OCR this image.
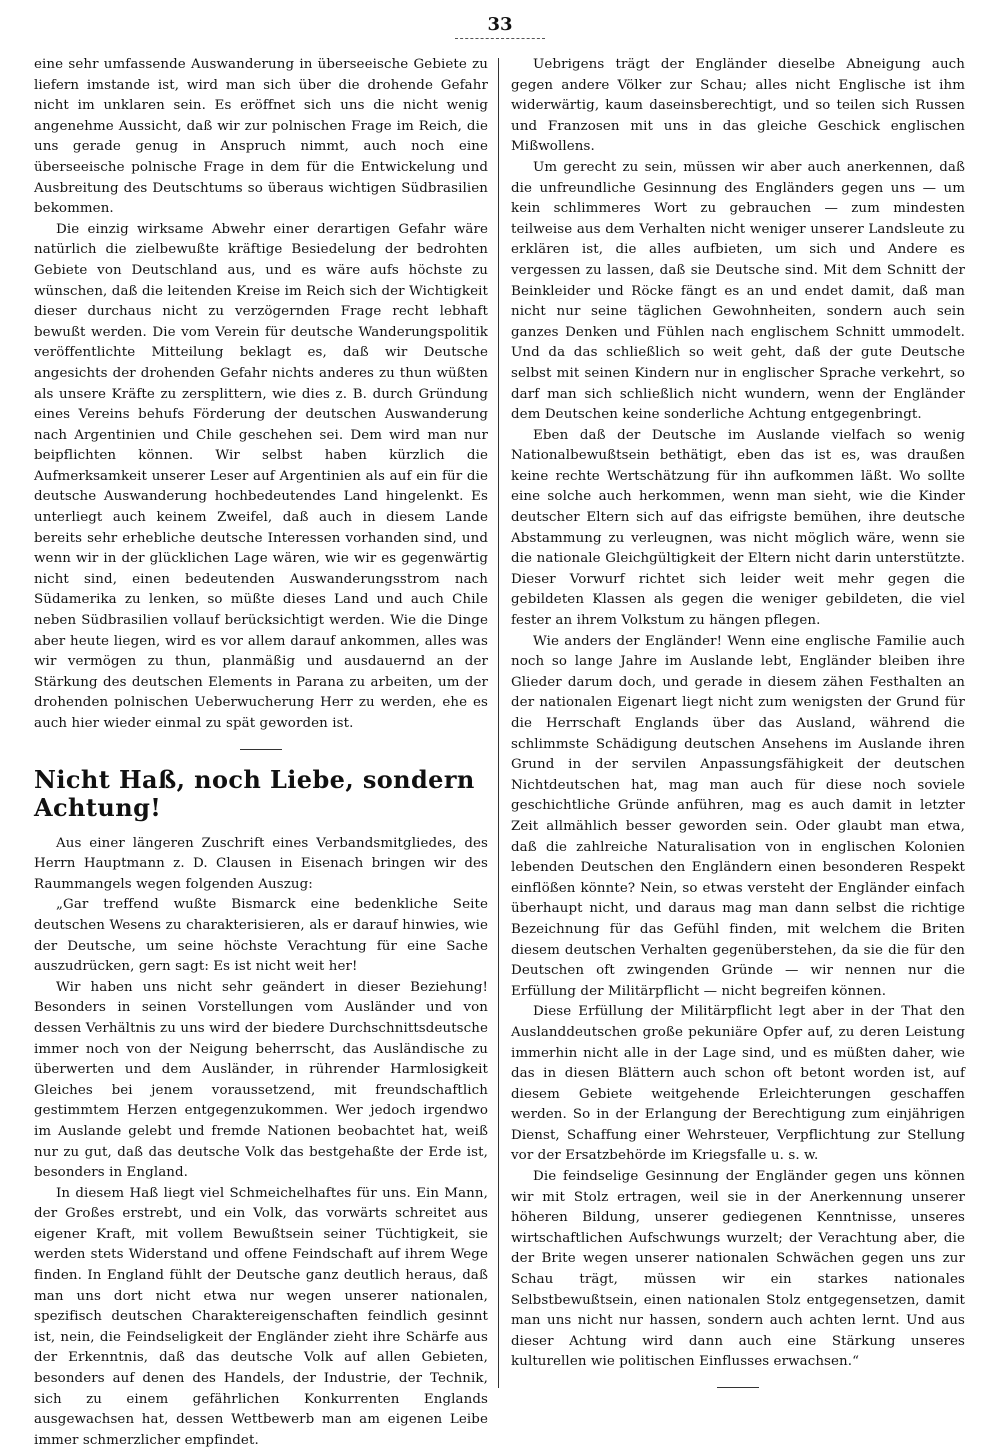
33

eine sehr umfassende Auswanderung in überseeische Gebiete zu liefern imstande ist, wird man sich über die drohende Gefahr nicht im unklaren sein. Es eröffnet sich uns die nicht wenig angenehme Aussicht, daß wir zur polnischen Frage im Reich, die uns gerade genug in Anspruch nimmt, auch noch eine überseeische polnische Frage in dem für die Entwickelung und Ausbreitung des Deutschtums so überaus wichtigen Südbrasilien bekommen.

Die einzig wirksame Abwehr einer derartigen Gefahr wäre natürlich die zielbewußte kräftige Besiedelung der bedrohten Gebiete von Deutschland aus, und es wäre aufs höchste zu wünschen, daß die leitenden Kreise im Reich sich der Wichtigkeit dieser durchaus nicht zu verzögernden Frage recht lebhaft bewußt werden. Die vom Verein für deutsche Wanderungspolitik veröffentlichte Mitteilung beklagt es, daß wir Deutsche angesichts der drohenden Gefahr nichts anderes zu thun wüßten als unsere Kräfte zu zersplittern, wie dies z. B. durch Gründung eines Vereins behufs Förderung der deutschen Auswanderung nach Argentinien und Chile geschehen sei. Dem wird man nur beipflichten können. Wir selbst haben kürzlich die Aufmerksamkeit unserer Leser auf Argentinien als auf ein für die deutsche Auswanderung hochbedeutendes Land hingelenkt. Es unterliegt auch keinem Zweifel, daß auch in diesem Lande bereits sehr erhebliche deutsche Interessen vorhanden sind, und wenn wir in der glücklichen Lage wären, wie wir es gegenwärtig nicht sind, einen bedeutenden Auswanderungsstrom nach Südamerika zu lenken, so müßte dieses Land und auch Chile neben Südbrasilien vollauf berücksichtigt werden. Wie die Dinge aber heute liegen, wird es vor allem darauf ankommen, alles was wir vermögen zu thun, planmäßig und ausdauernd an der Stärkung des deutschen Elements in Parana zu arbeiten, um der drohenden polnischen Ueberwucherung Herr zu werden, ehe es auch hier wieder einmal zu spät geworden ist.

Nicht Haß, noch Liebe, sondern Achtung!

Aus einer längeren Zuschrift eines Verbandsmitgliedes, des Herrn Hauptmann z. D. Clausen in Eisenach bringen wir des Raummangels wegen folgenden Auszug:

„Gar treffend wußte Bismarck eine bedenkliche Seite deutschen Wesens zu charakterisieren, als er darauf hinwies, wie der Deutsche, um seine höchste Verachtung für eine Sache auszudrücken, gern sagt: Es ist nicht weit her!

Wir haben uns nicht sehr geändert in dieser Beziehung! Besonders in seinen Vorstellungen vom Ausländer und von dessen Verhältnis zu uns wird der biedere Durchschnittsdeutsche immer noch von der Neigung beherrscht, das Ausländische zu überwerten und dem Ausländer, in rührender Harmlosigkeit Gleiches bei jenem voraussetzend, mit freundschaftlich gestimmtem Herzen entgegenzukommen. Wer jedoch irgendwo im Auslande gelebt und fremde Nationen beobachtet hat, weiß nur zu gut, daß das deutsche Volk das bestgehaßte der Erde ist, besonders in England.

In diesem Haß liegt viel Schmeichelhaftes für uns. Ein Mann, der Großes erstrebt, und ein Volk, das vorwärts schreitet aus eigener Kraft, mit vollem Bewußtsein seiner Tüchtigkeit, sie werden stets Widerstand und offene Feindschaft auf ihrem Wege finden. In England fühlt der Deutsche ganz deutlich heraus, daß man uns dort nicht etwa nur wegen unserer nationalen, spezifisch deutschen Charaktereigenschaften feindlich gesinnt ist, nein, die Feindseligkeit der Engländer zieht ihre Schärfe aus der Erkenntnis, daß das deutsche Volk auf allen Gebieten, besonders auf denen des Handels, der Industrie, der Technik, sich zu einem gefährlichen Konkurrenten Englands ausgewachsen hat, dessen Wettbewerb man am eigenen Leibe immer schmerzlicher empfindet.

Uebrigens trägt der Engländer dieselbe Abneigung auch gegen andere Völker zur Schau; alles nicht Englische ist ihm widerwärtig, kaum daseinsberechtigt, und so teilen sich Russen und Franzosen mit uns in das gleiche Geschick englischen Mißwollens.

Um gerecht zu sein, müssen wir aber auch anerkennen, daß die unfreundliche Gesinnung des Engländers gegen uns — um kein schlimmeres Wort zu gebrauchen — zum mindesten teilweise aus dem Verhalten nicht weniger unserer Landsleute zu erklären ist, die alles aufbieten, um sich und Andere es vergessen zu lassen, daß sie Deutsche sind. Mit dem Schnitt der Beinkleider und Röcke fängt es an und endet damit, daß man nicht nur seine täglichen Gewohnheiten, sondern auch sein ganzes Denken und Fühlen nach englischem Schnitt ummodelt. Und da das schließlich so weit geht, daß der gute Deutsche selbst mit seinen Kindern nur in englischer Sprache verkehrt, so darf man sich schließlich nicht wundern, wenn der Engländer dem Deutschen keine sonderliche Achtung entgegenbringt.

Eben daß der Deutsche im Auslande vielfach so wenig Nationalbewußtsein bethätigt, eben das ist es, was draußen keine rechte Wertschätzung für ihn aufkommen läßt. Wo sollte eine solche auch herkommen, wenn man sieht, wie die Kinder deutscher Eltern sich auf das eifrigste bemühen, ihre deutsche Abstammung zu verleugnen, was nicht möglich wäre, wenn sie die nationale Gleichgültigkeit der Eltern nicht darin unterstützte. Dieser Vorwurf richtet sich leider weit mehr gegen die gebildeten Klassen als gegen die weniger gebildeten, die viel fester an ihrem Volkstum zu hängen pflegen.

Wie anders der Engländer! Wenn eine englische Familie auch noch so lange Jahre im Auslande lebt, Engländer bleiben ihre Glieder darum doch, und gerade in diesem zähen Festhalten an der nationalen Eigenart liegt nicht zum wenigsten der Grund für die Herrschaft Englands über das Ausland, während die schlimmste Schädigung deutschen Ansehens im Auslande ihren Grund in der servilen Anpassungsfähigkeit der deutschen Nichtdeutschen hat, mag man auch für diese noch soviele geschichtliche Gründe anführen, mag es auch damit in letzter Zeit allmählich besser geworden sein. Oder glaubt man etwa, daß die zahlreiche Naturalisation von in englischen Kolonien lebenden Deutschen den Engländern einen besonderen Respekt einflößen könnte? Nein, so etwas versteht der Engländer einfach überhaupt nicht, und daraus mag man dann selbst die richtige Bezeichnung für das Gefühl finden, mit welchem die Briten diesem deutschen Verhalten gegenüberstehen, da sie die für den Deutschen oft zwingenden Gründe — wir nennen nur die Erfüllung der Militärpflicht — nicht begreifen können.

Diese Erfüllung der Militärpflicht legt aber in der That den Auslanddeutschen große pekuniäre Opfer auf, zu deren Leistung immerhin nicht alle in der Lage sind, und es müßten daher, wie das in diesen Blättern auch schon oft betont worden ist, auf diesem Gebiete weitgehende Erleichterungen geschaffen werden. So in der Erlangung der Berechtigung zum einjährigen Dienst, Schaffung einer Wehrsteuer, Verpflichtung zur Stellung vor der Ersatzbehörde im Kriegsfalle u. s. w.

Die feindselige Gesinnung der Engländer gegen uns können wir mit Stolz ertragen, weil sie in der Anerkennung unserer höheren Bildung, unserer gediegenen Kenntnisse, unseres wirtschaftlichen Aufschwungs wurzelt; der Verachtung aber, die der Brite wegen unserer nationalen Schwächen gegen uns zur Schau trägt, müssen wir ein starkes nationales Selbstbewußtsein, einen nationalen Stolz entgegensetzen, damit man uns nicht nur hassen, sondern auch achten lernt. Und aus dieser Achtung wird dann auch eine Stärkung unseres kulturellen wie politischen Einflusses erwachsen.“
